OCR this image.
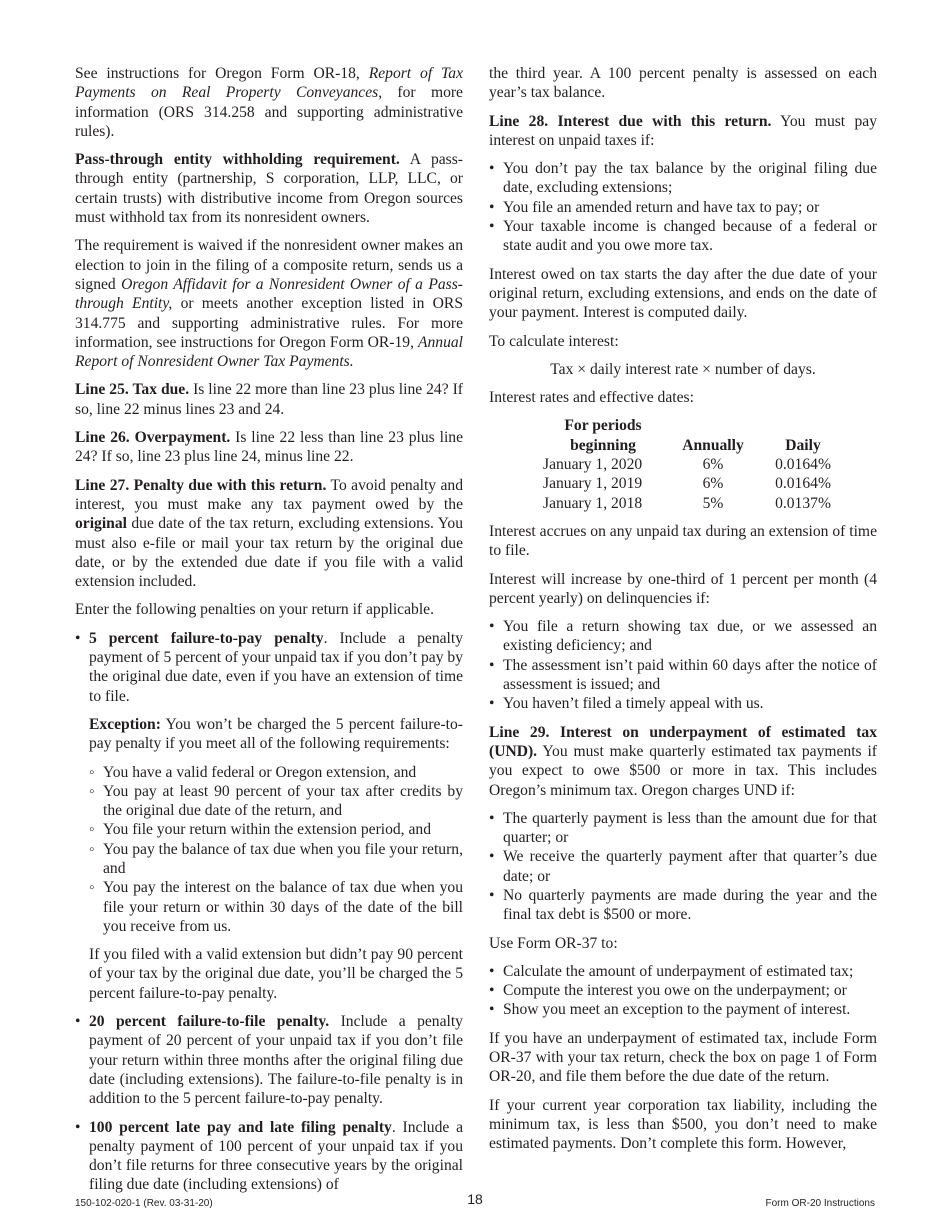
See instructions for Oregon Form OR-18, Report of Tax Payments on Real Property Conveyances, for more information (ORS 314.258 and supporting administrative rules).

Pass-through entity withholding requirement. A pass-through entity (partnership, S corporation, LLP, LLC, or certain trusts) with distributive income from Oregon sources must withhold tax from its nonresident owners.

The requirement is waived if the nonresident owner makes an election to join in the filing of a composite return, sends us a signed Oregon Affidavit for a Nonresident Owner of a Pass-through Entity, or meets another exception listed in ORS 314.775 and supporting administrative rules. For more information, see instructions for Oregon Form OR-19, Annual Report of Nonresident Owner Tax Payments.

Line 25. Tax due. Is line 22 more than line 23 plus line 24? If so, line 22 minus lines 23 and 24.

Line 26. Overpayment. Is line 22 less than line 23 plus line 24? If so, line 23 plus line 24, minus line 22.

Line 27. Penalty due with this return. To avoid penalty and interest, you must make any tax payment owed by the original due date of the tax return, excluding extensions. You must also e-file or mail your tax return by the original due date, or by the extended due date if you file with a valid extension included.

Enter the following penalties on your return if applicable.

• 5 percent failure-to-pay penalty. Include a penalty payment of 5 percent of your unpaid tax if you don’t pay by the original due date, even if you have an extension of time to file.

Exception: You won’t be charged the 5 percent failure-to-pay penalty if you meet all of the following requirements:

◦ You have a valid federal or Oregon extension, and
◦ You pay at least 90 percent of your tax after credits by the original due date of the return, and
◦ You file your return within the extension period, and
◦ You pay the balance of tax due when you file your return, and
◦ You pay the interest on the balance of tax due when you file your return or within 30 days of the date of the bill you receive from us.

If you filed with a valid extension but didn’t pay 90 percent of your tax by the original due date, you’ll be charged the 5 percent failure-to-pay penalty.

• 20 percent failure-to-file penalty. Include a penalty payment of 20 percent of your unpaid tax if you don’t file your return within three months after the original filing due date (including extensions). The failure-to-file penalty is in addition to the 5 percent failure-to-pay penalty.
• 100 percent late pay and late filing penalty. Include a penalty payment of 100 percent of your unpaid tax if you don’t file returns for three consecutive years by the original filing due date (including extensions) of

the third year. A 100 percent penalty is assessed on each year’s tax balance.

Line 28. Interest due with this return. You must pay interest on unpaid taxes if:

• You don’t pay the tax balance by the original filing due date, excluding extensions;
• You file an amended return and have tax to pay; or
• Your taxable income is changed because of a federal or state audit and you owe more tax.

Interest owed on tax starts the day after the due date of your original return, excluding extensions, and ends on the date of your payment. Interest is computed daily.

To calculate interest:

Tax × daily interest rate × number of days.

Interest rates and effective dates:

For periods beginning	Annually	Daily
January 1, 2020	6%	0.0164%
January 1, 2019	6%	0.0164%
January 1, 2018	5%	0.0137%

Interest accrues on any unpaid tax during an extension of time to file.

Interest will increase by one-third of 1 percent per month (4 percent yearly) on delinquencies if:

• You file a return showing tax due, or we assessed an existing deficiency; and
• The assessment isn’t paid within 60 days after the notice of assessment is issued; and
• You haven’t filed a timely appeal with us.

Line 29. Interest on underpayment of estimated tax (UND). You must make quarterly estimated tax payments if you expect to owe $500 or more in tax. This includes Oregon’s minimum tax. Oregon charges UND if:

• The quarterly payment is less than the amount due for that quarter; or
• We receive the quarterly payment after that quarter’s due date; or
• No quarterly payments are made during the year and the final tax debt is $500 or more.

Use Form OR-37 to:

• Calculate the amount of underpayment of estimated tax;
• Compute the interest you owe on the underpayment; or
• Show you meet an exception to the payment of interest.

If you have an underpayment of estimated tax, include Form OR-37 with your tax return, check the box on page 1 of Form OR-20, and file them before the due date of the return.

If your current year corporation tax liability, including the minimum tax, is less than $500, you don’t need to make estimated payments. Don’t complete this form. However,

150-102-020-1 (Rev. 03-31-20)	18	Form OR-20 Instructions
